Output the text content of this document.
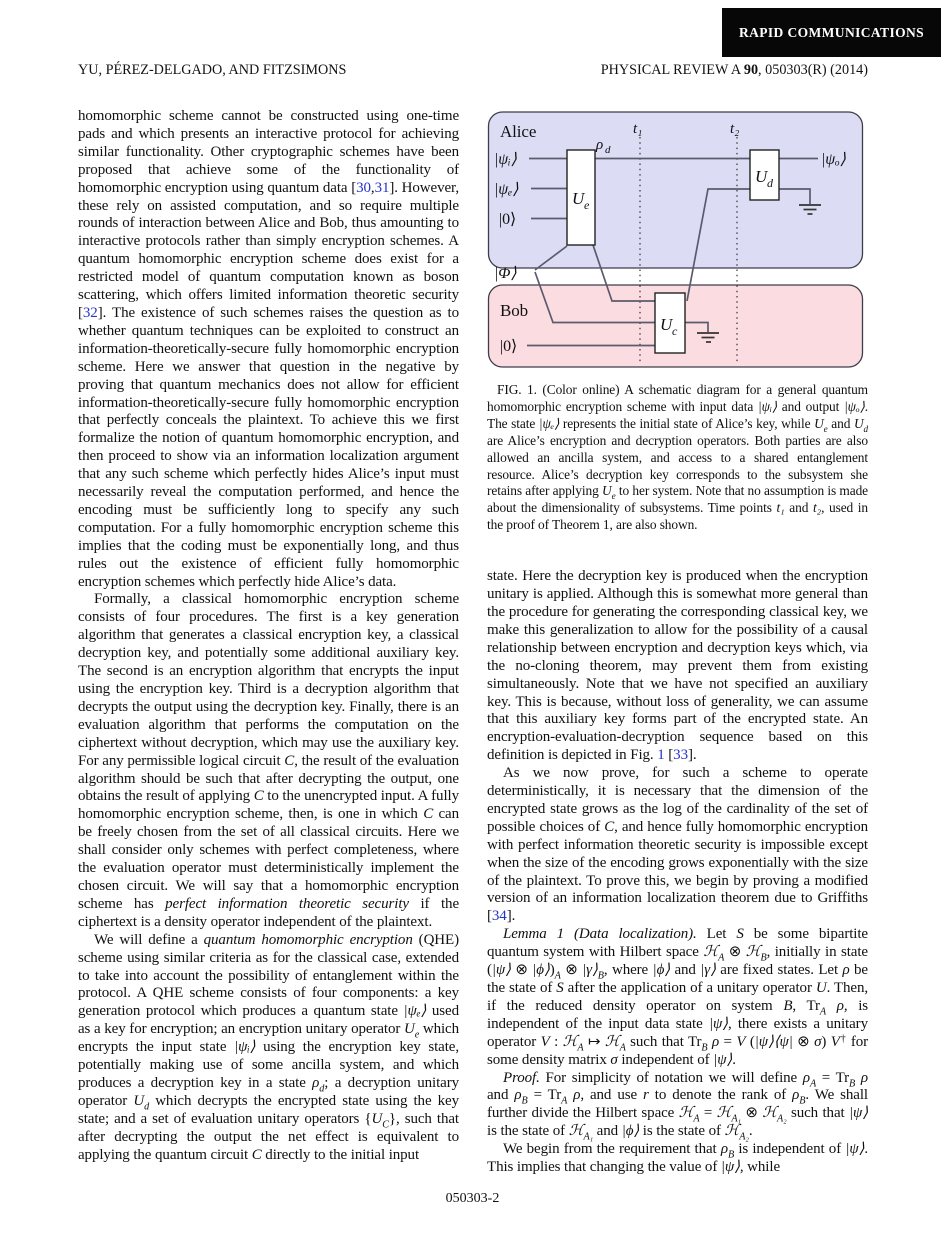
RAPID COMMUNICATIONS
YU, PÉREZ-DELGADO, AND FITZSIMONS	PHYSICAL REVIEW A 90, 050303(R) (2014)

homomorphic scheme cannot be constructed using one-time pads and which presents an interactive protocol for achieving similar functionality. Other cryptographic schemes have been proposed that achieve some of the functionality of homomorphic encryption using quantum data [30,31]. However, these rely on assisted computation, and so require multiple rounds of interaction between Alice and Bob, thus amounting to interactive protocols rather than simply encryption schemes. A quantum homomorphic encryption scheme does exist for a restricted model of quantum computation known as boson scattering, which offers limited information theoretic security [32]. The existence of such schemes raises the question as to whether quantum techniques can be exploited to construct an information-theoretically-secure fully homomorphic encryption scheme. Here we answer that question in the negative by proving that quantum mechanics does not allow for efficient information-theoretically-secure fully homomorphic encryption that perfectly conceals the plaintext. To achieve this we first formalize the notion of quantum homomorphic encryption, and then proceed to show via an information localization argument that any such scheme which perfectly hides Alice’s input must necessarily reveal the computation performed, and hence the encoding must be sufficiently long to specify any such computation. For a fully homomorphic encryption scheme this implies that the coding must be exponentially long, and thus rules out the existence of efficient fully homomorphic encryption schemes which perfectly hide Alice’s data.

Formally, a classical homomorphic encryption scheme consists of four procedures. The first is a key generation algorithm that generates a classical encryption key, a classical decryption key, and potentially some additional auxiliary key. The second is an encryption algorithm that encrypts the input using the encryption key. Third is a decryption algorithm that decrypts the output using the decryption key. Finally, there is an evaluation algorithm that performs the computation on the ciphertext without decryption, which may use the auxiliary key. For any permissible logical circuit C, the result of the evaluation algorithm should be such that after decrypting the output, one obtains the result of applying C to the unencrypted input. A fully homomorphic encryption scheme, then, is one in which C can be freely chosen from the set of all classical circuits. Here we shall consider only schemes with perfect completeness, where the evaluation operator must deterministically implement the chosen circuit. We will say that a homomorphic encryption scheme has perfect information theoretic security if the ciphertext is a density operator independent of the plaintext.

We will define a quantum homomorphic encryption (QHE) scheme using similar criteria as for the classical case, extended to take into account the possibility of entanglement within the protocol. A QHE scheme consists of four components: a key generation protocol which produces a quantum state |ψₑ⟩ used as a key for encryption; an encryption unitary operator $U_e$ which encrypts the input state |ψᵢ⟩ using the encryption key state, potentially making use of some ancilla system, and which produces a decryption key in a state $\rho_d$; a decryption unitary operator $U_d$ which decrypts the encrypted state using the key state; and a set of evaluation unitary operators $\{U_C\}$, such that after decrypting the output the net effect is equivalent to applying the quantum circuit C directly to the initial input

Alice
Bob
|ψᵢ⟩
|ψₑ⟩
|0⟩
ρ d
t₁	t₂
U e
U d
|ψₒ⟩
|Φ⟩
U c
|0⟩

FIG. 1. (Color online) A schematic diagram for a general quantum homomorphic encryption scheme with input data |ψᵢ⟩ and output |ψₒ⟩. The state |ψₑ⟩ represents the initial state of Alice’s key, while $U_e$ and $U_d$ are Alice’s encryption and decryption operators. Both parties are also allowed an ancilla system, and access to a shared entanglement resource. Alice’s decryption key corresponds to the subsystem she retains after applying $U_e$ to her system. Note that no assumption is made about the dimensionality of subsystems. Time points t₁ and t₂, used in the proof of Theorem 1, are also shown.

state. Here the decryption key is produced when the encryption unitary is applied. Although this is somewhat more general than the procedure for generating the corresponding classical key, we make this generalization to allow for the possibility of a causal relationship between encryption and decryption keys which, via the no-cloning theorem, may prevent them from existing simultaneously. Note that we have not specified an auxiliary key. This is because, without loss of generality, we can assume that this auxiliary key forms part of the encrypted state. An encryption-evaluation-decryption sequence based on this definition is depicted in Fig. 1 [33].

As we now prove, for such a scheme to operate deterministically, it is necessary that the dimension of the encrypted state grows as the log of the cardinality of the set of possible choices of C, and hence fully homomorphic encryption with perfect information theoretic security is impossible except when the size of the encoding grows exponentially with the size of the plaintext. To prove this, we begin by proving a modified version of an information localization theorem due to Griffiths [34].

Lemma 1 (Data localization). Let S be some bipartite quantum system with Hilbert space ℋ$_A$ ⊗ ℋ$_B$, initially in state (|ψ⟩ ⊗ $|\phi⟩)_A$ ⊗ $|\gamma⟩_B$, where |ϕ⟩ and |γ⟩ are fixed states. Let ρ be the state of S after the application of a unitary operator U. Then, if the reduced density operator on system B, $Tr_A$ ρ, is independent of the input data state |ψ⟩, there exists a unitary operator V : ℋ$_A$ ↦ ℋ$_A$ such that $Tr_B$ ρ = V (|ψ⟩⟨ψ| ⊗ σ) V† for some density matrix σ independent of |ψ⟩.

Proof. For simplicity of notation we will define $\rho_A = Tr_B$ ρ and $\rho_B = Tr_A$ ρ, and use r to denote the rank of $\rho_B$. We shall further divide the Hilbert space ℋ$_A$ = ℋ$_{A_1}$ ⊗ ℋ$_{A_2}$ such that |ψ⟩ is the state of ℋ$_{A_1}$ and |ϕ⟩ is the state of ℋ$_{A_2}$.

We begin from the requirement that $\rho_B$ is independent of |ψ⟩. This implies that changing the value of |ψ⟩, while

050303-2
